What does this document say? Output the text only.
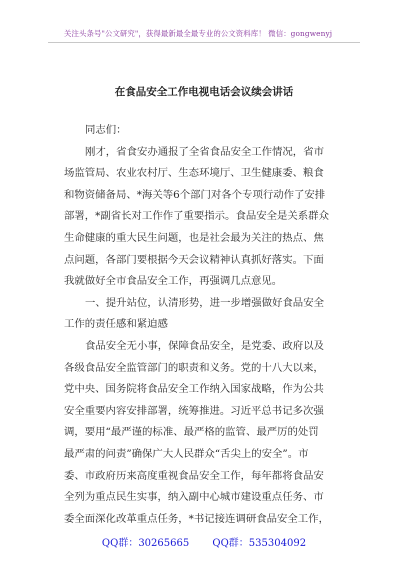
关注头条号"公文研究"，获得最新最全最专业的公文资料库！ 微信：gongwenyj
在食品安全工作电视电话会议续会讲话
同志们：
刚才，省食安办通报了全省食品安全工作情况，省市
场监管局、农业农村厅、生态环境厅、卫生健康委、粮食
和物资储备局、*海关等6个部门对各个专项行动作了安排
部署，*副省长对工作作了重要指示。食品安全是关系群众
生命健康的重大民生问题，也是社会最为关注的热点、焦
点问题，各部门要根据今天会议精神认真抓好落实。下面
我就做好全市食品安全工作，再强调几点意见。
一、提升站位，认清形势，进一步增强做好食品安全
工作的责任感和紧迫感
食品安全无小事，保障食品安全，是党委、政府以及
各级食品安全监管部门的职责和义务。党的十八大以来，
党中央、国务院将食品安全工作纳入国家战略，作为公共
安全重要内容安排部署，统筹推进。习近平总书记多次强
调，要用“最严谨的标准、最严格的监管、最严厉的处罚
最严肃的问责”确保广大人民群众“舌尖上的安全”。市
委、市政府历来高度重视食品安全工作，每年都将食品安
全列为重点民生实事，纳入副中心城市建设重点任务、市
委全面深化改革重点任务，*书记接连调研食品安全工作，
QQ群：30265665 QQ群：535304092
